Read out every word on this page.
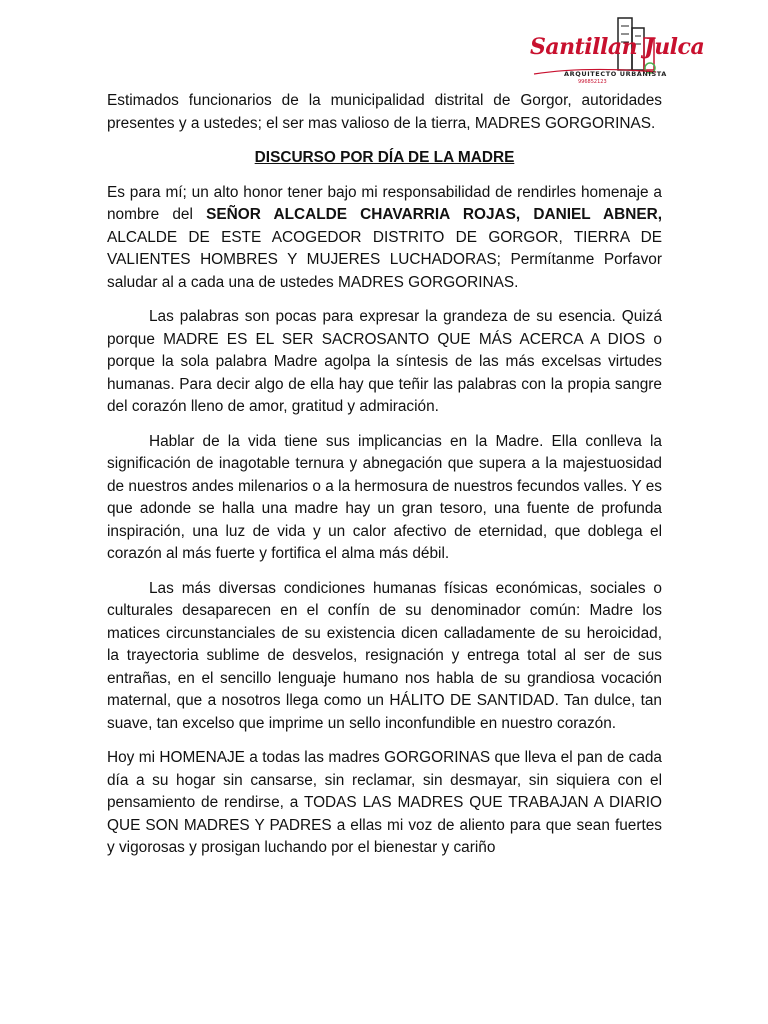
Santillan Julca
ARQUITECTO URBANISTA
996852123

Estimados funcionarios de la municipalidad distrital de Gorgor, autoridades presentes y a ustedes; el ser mas valioso de la tierra, MADRES GORGORINAS.

DISCURSO POR DÍA DE LA MADRE

Es para mí; un alto honor tener bajo mi responsabilidad de rendirles homenaje a nombre del SEÑOR ALCALDE CHAVARRIA ROJAS, DANIEL ABNER, ALCALDE DE ESTE ACOGEDOR DISTRITO DE GORGOR, TIERRA DE VALIENTES HOMBRES Y MUJERES LUCHADORAS; Permítanme Porfavor saludar al a cada una de ustedes MADRES GORGORINAS.

Las palabras son pocas para expresar la grandeza de su esencia. Quizá porque MADRE ES EL SER SACROSANTO QUE MÁS ACERCA A DIOS o porque la sola palabra Madre agolpa la síntesis de las más excelsas virtudes humanas. Para decir algo de ella hay que teñir las palabras con la propia sangre del corazón lleno de amor, gratitud y admiración.

Hablar de la vida tiene sus implicancias en la Madre. Ella conlleva la significación de inagotable ternura y abnegación que supera a la majestuosidad de nuestros andes milenarios o a la hermosura de nuestros fecundos valles. Y es que adonde se halla una madre hay un gran tesoro, una fuente de profunda inspiración, una luz de vida y un calor afectivo de eternidad, que doblega el corazón al más fuerte y fortifica el alma más débil.

Las más diversas condiciones humanas físicas económicas, sociales o culturales desaparecen en el confín de su denominador común: Madre los matices circunstanciales de su existencia dicen calladamente de su heroicidad, la trayectoria sublime de desvelos, resignación y entrega total al ser de sus entrañas, en el sencillo lenguaje humano nos habla de su grandiosa vocación maternal, que a nosotros llega como un HÁLITO DE SANTIDAD. Tan dulce, tan suave, tan excelso que imprime un sello inconfundible en nuestro corazón.

Hoy mi HOMENAJE a todas las madres GORGORINAS que lleva el pan de cada día a su hogar sin cansarse, sin reclamar, sin desmayar, sin siquiera con el pensamiento de rendirse, a TODAS LAS MADRES QUE TRABAJAN A DIARIO QUE SON MADRES Y PADRES a ellas mi voz de aliento para que sean fuertes y vigorosas y prosigan luchando por el bienestar y cariño
